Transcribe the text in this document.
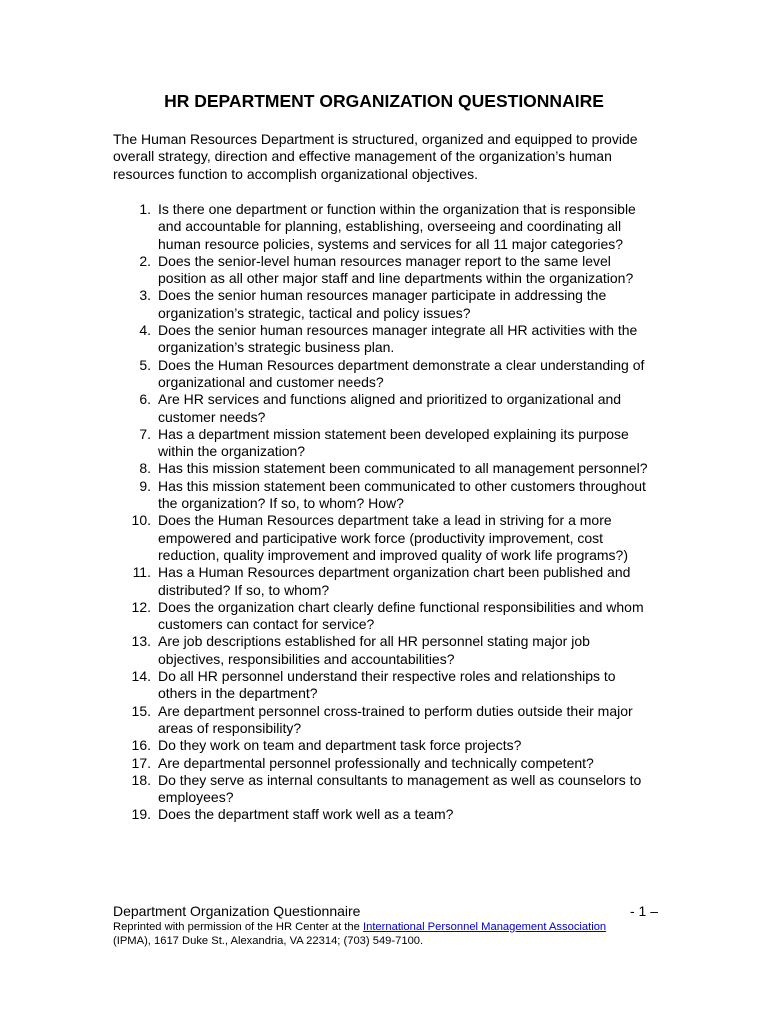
HR DEPARTMENT ORGANIZATION QUESTIONNAIRE
The Human Resources Department is structured, organized and equipped to provide overall strategy, direction and effective management of the organization’s human resources function to accomplish organizational objectives.
1. Is there one department or function within the organization that is responsible and accountable for planning, establishing, overseeing and coordinating all human resource policies, systems and services for all 11 major categories?
2. Does the senior-level human resources manager report to the same level position as all other major staff and line departments within the organization?
3. Does the senior human resources manager participate in addressing the organization’s strategic, tactical and policy issues?
4. Does the senior human resources manager integrate all HR activities with the organization’s strategic business plan.
5. Does the Human Resources department demonstrate a clear understanding of organizational and customer needs?
6. Are HR services and functions aligned and prioritized to organizational and customer needs?
7. Has a department mission statement been developed explaining its purpose within the organization?
8. Has this mission statement been communicated to all management personnel?
9. Has this mission statement been communicated to other customers throughout the organization? If so, to whom? How?
10. Does the Human Resources department take a lead in striving for a more empowered and participative work force (productivity improvement, cost reduction, quality improvement and improved quality of work life programs?)
11. Has a Human Resources department organization chart been published and distributed? If so, to whom?
12. Does the organization chart clearly define functional responsibilities and whom customers can contact for service?
13. Are job descriptions established for all HR personnel stating major job objectives, responsibilities and accountabilities?
14. Do all HR personnel understand their respective roles and relationships to others in the department?
15. Are department personnel cross-trained to perform duties outside their major areas of responsibility?
16. Do they work on team and department task force projects?
17. Are departmental personnel professionally and technically competent?
18. Do they serve as internal consultants to management as well as counselors to employees?
19. Does the department staff work well as a team?
Department Organization Questionnaire	- 1 –
Reprinted with permission of the HR Center at the International Personnel Management Association (IPMA), 1617 Duke St., Alexandria, VA 22314; (703) 549-7100.
